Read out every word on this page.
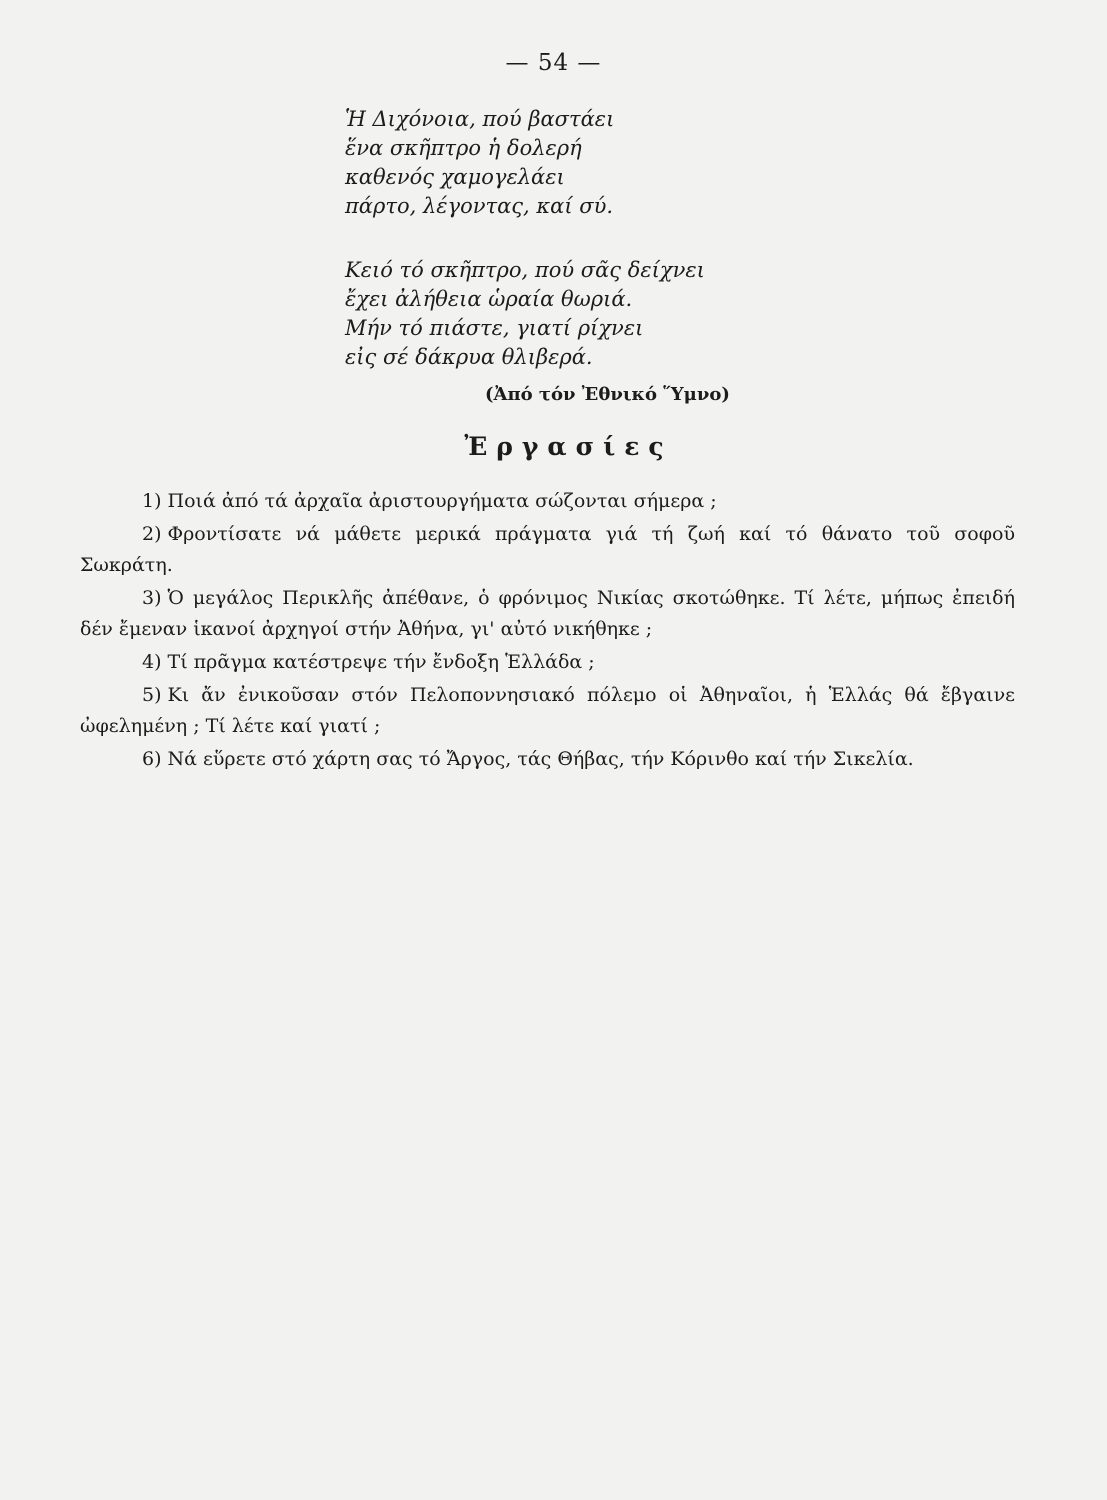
— 54 —
Ἡ Διχόνοια, πού βαστάει
ἕνα σκῆπτρο ἡ δολερή
καθενός χαμογελάει
πάρτο, λέγοντας, καί σύ.
Κειό τό σκῆπτρο, πού σᾶς δείχνει
ἔχει ἀλήθεια ὡραία θωριά.
Μήν τό πιάστε, γιατί ρίχνει
εἰς σέ δάκρυα θλιβερά.
(Ἀπό τόν Ἐθνικό Ὕμνο)
Ἐργασίες
1) Ποιά ἀπό τά ἀρχαῖα ἀριστουργήματα σώζονται σήμερα ;
2) Φροντίσατε νά μάθετε μερικά πράγματα γιά τή ζωή καί τό θάνατο τοῦ σοφοῦ Σωκράτη.
3) Ὁ μεγάλος Περικλῆς ἀπέθανε, ὁ φρόνιμος Νικίας σκοτώθηκε. Τί λέτε, μήπως ἐπειδή δέν ἔμεναν ἱκανοί ἀρχηγοί στήν Ἀθήνα, γι' αὐτό νικήθηκε ;
4) Τί πρᾶγμα κατέστρεψε τήν ἔνδοξη Ἑλλάδα ;
5) Κι ἄν ἐνικοῦσαν στόν Πελοποννησιακό πόλεμο οἱ Ἀθηναῖοι, ἡ Ἑλλάς θά ἔβγαινε ὠφελημένη ; Τί λέτε καί γιατί ;
6) Νά εὕρετε στό χάρτη σας τό Ἄργος, τάς Θήβας, τήν Κόρινθο καί τήν Σικελία.
